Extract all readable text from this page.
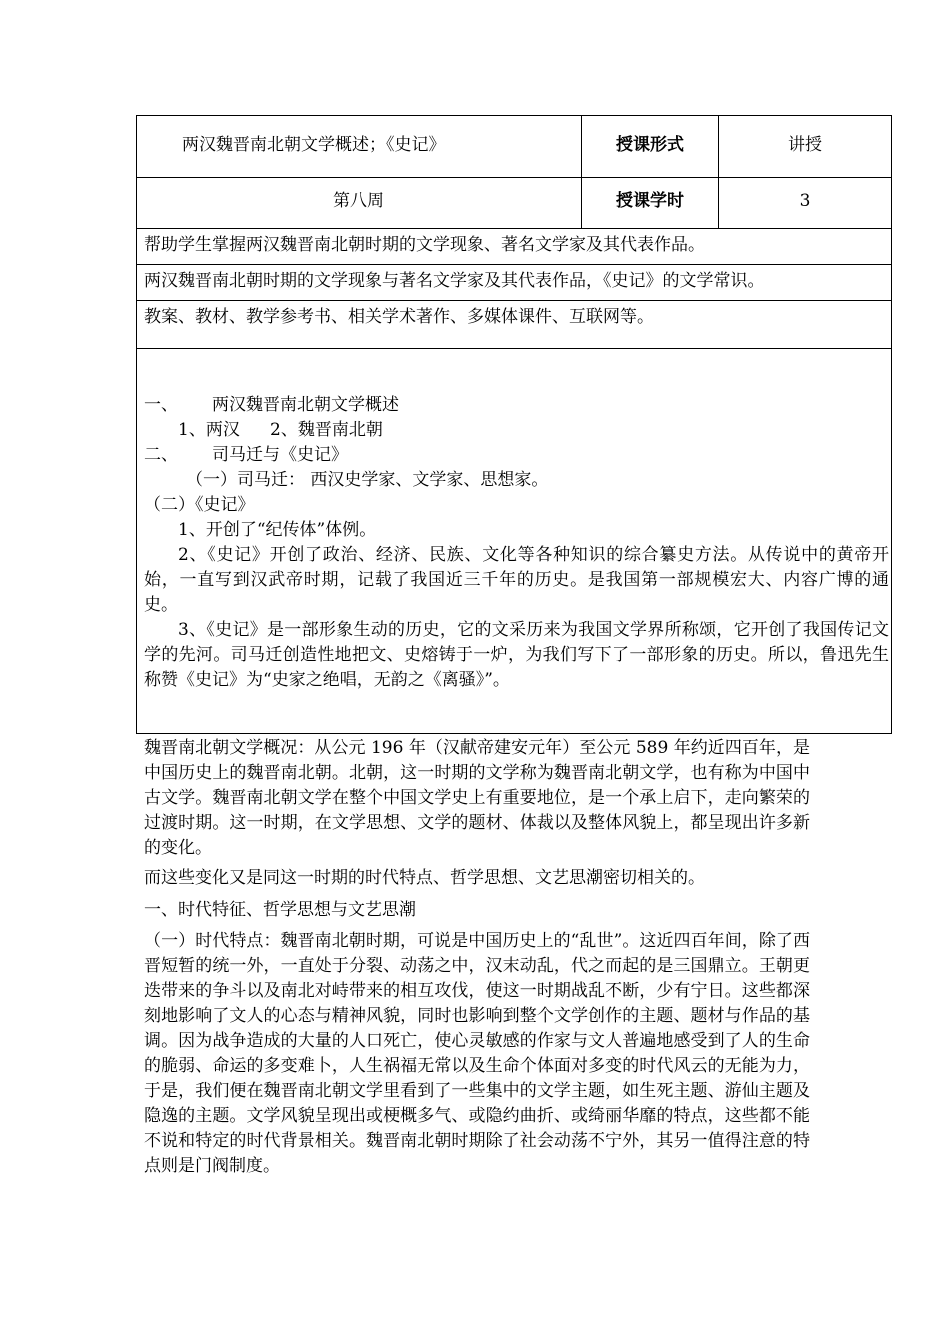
两汉魏晋南北朝文学概述；《史记》	授课形式	讲授
第八周	授课学时	3
帮助学生掌握两汉魏晋南北朝时期的文学现象、著名文学家及其代表作品。
两汉魏晋南北朝时期的文学现象与著名文学家及其代表作品，《史记》的文学常识。
教案、教材、教学参考书、相关学术著作、多媒体课件、互联网等。
一、 两汉魏晋南北朝文学概述
1、两汉 2、魏晋南北朝
二、 司马迁与《史记》
（一）司马迁： 西汉史学家、文学家、思想家。
（二）《史记》
1、开创了“纪传体”体例。
2、《史记》开创了政治、经济、民族、文化等各种知识的综合纂史方法。从传说中的黄帝开始，一直写到汉武帝时期，记载了我国近三千年的历史。是我国第一部规模宏大、内容广博的通史。
3、《史记》是一部形象生动的历史，它的文采历来为我国文学界所称颂，它开创了我国传记文学的先河。司马迁创造性地把文、史熔铸于一炉，为我们写下了一部形象的历史。所以，鲁迅先生称赞《史记》为“史家之绝唱，无韵之《离骚》”。
魏晋南北朝文学概况：从公元 196 年（汉献帝建安元年）至公元 589 年约近四百年，是中国历史上的魏晋南北朝。北朝，这一时期的文学称为魏晋南北朝文学，也有称为中国中古文学。魏晋南北朝文学在整个中国文学史上有重要地位，是一个承上启下，走向繁荣的过渡时期。这一时期，在文学思想、文学的题材、体裁以及整体风貌上，都呈现出许多新的变化。
而这些变化又是同这一时期的时代特点、哲学思想、文艺思潮密切相关的。
一、时代特征、哲学思想与文艺思潮
（一）时代特点：魏晋南北朝时期，可说是中国历史上的“乱世”。这近四百年间，除了西晋短暂的统一外，一直处于分裂、动荡之中，汉末动乱，代之而起的是三国鼎立。王朝更迭带来的争斗以及南北对峙带来的相互攻伐，使这一时期战乱不断，少有宁日。这些都深刻地影响了文人的心态与精神风貌，同时也影响到整个文学创作的主题、题材与作品的基调。因为战争造成的大量的人口死亡，使心灵敏感的作家与文人普遍地感受到了人的生命的脆弱、命运的多变难卜，人生祸福无常以及生命个体面对多变的时代风云的无能为力，于是，我们便在魏晋南北朝文学里看到了一些集中的文学主题，如生死主题、游仙主题及隐逸的主题。文学风貌呈现出或梗概多气、或隐约曲折、或绮丽华靡的特点，这些都不能不说和特定的时代背景相关。魏晋南北朝时期除了社会动荡不宁外，其另一值得注意的特点则是门阀制度。
